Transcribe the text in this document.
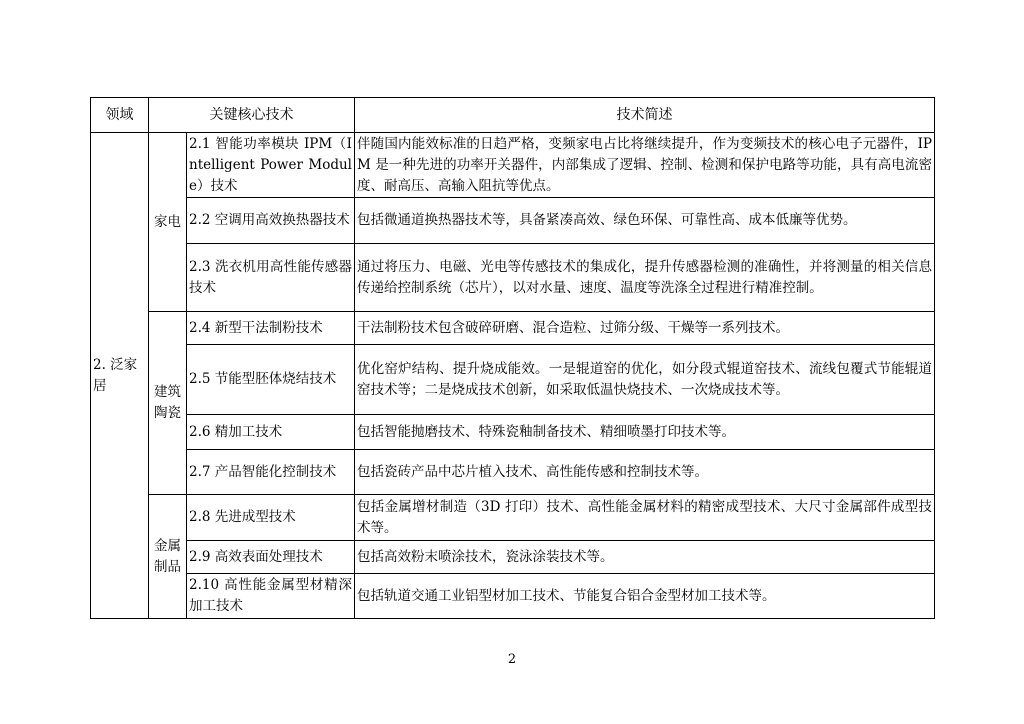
领域	关键核心技术		技术简述
2. 泛家居	家电	2.1 智能功率模块 IPM（Intelligent Power Module）技术	伴随国内能效标准的日趋严格，变频家电占比将继续提升，作为变频技术的核心电子元器件，IPM 是一种先进的功率开关器件，内部集成了逻辑、控制、检测和保护电路等功能，具有高电流密度、耐高压、高输入阻抗等优点。
		2.2 空调用高效换热器技术	包括微通道换热器技术等，具备紧凑高效、绿色环保、可靠性高、成本低廉等优势。
		2.3 洗衣机用高性能传感器技术	通过将压力、电磁、光电等传感技术的集成化，提升传感器检测的准确性，并将测量的相关信息传递给控制系统（芯片），以对水量、速度、温度等洗涤全过程进行精准控制。
	建筑陶瓷	2.4 新型干法制粉技术	干法制粉技术包含破碎研磨、混合造粒、过筛分级、干燥等一系列技术。
		2.5 节能型胚体烧结技术	优化窑炉结构、提升烧成能效。一是辊道窑的优化，如分段式辊道窑技术、流线包覆式节能辊道窑技术等；二是烧成技术创新，如采取低温快烧技术、一次烧成技术等。
		2.6 精加工技术	包括智能抛磨技术、特殊瓷釉制备技术、精细喷墨打印技术等。
		2.7 产品智能化控制技术	包括瓷砖产品中芯片植入技术、高性能传感和控制技术等。
	金属制品	2.8 先进成型技术	包括金属增材制造（3D 打印）技术、高性能金属材料的精密成型技术、大尺寸金属部件成型技术等。
		2.9 高效表面处理技术	包括高效粉末喷涂技术，瓷泳涂装技术等。
		2.10 高性能金属型材精深加工技术	包括轨道交通工业铝型材加工技术、节能复合铝合金型材加工技术等。
2
